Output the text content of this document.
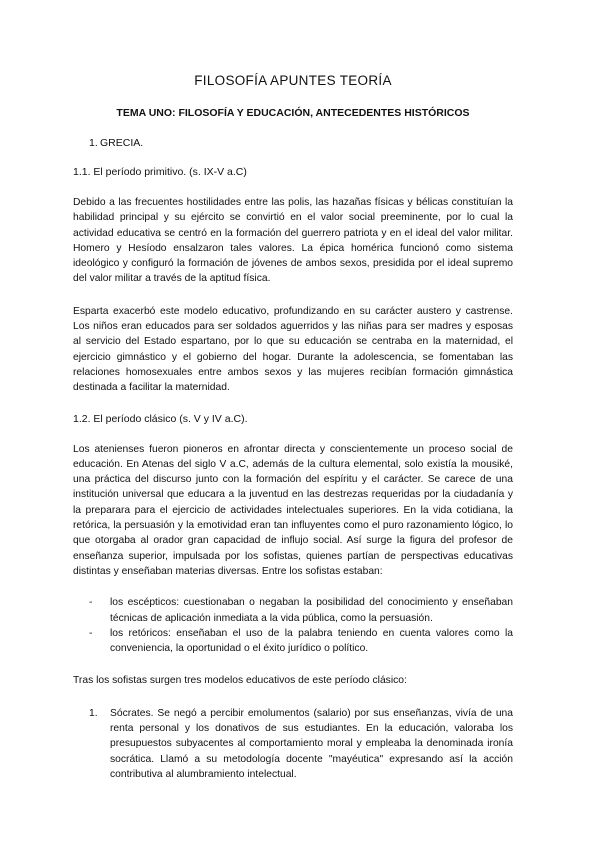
FILOSOFÍA APUNTES TEORÍA
TEMA UNO: FILOSOFÍA Y EDUCACIÓN, ANTECEDENTES HISTÓRICOS
1. GRECIA.
1.1. El período primitivo. (s. IX-V a.C)

Debido a las frecuentes hostilidades entre las polis, las hazañas físicas y bélicas constituían la habilidad principal y su ejército se convirtió en el valor social preeminente, por lo cual la actividad educativa se centró en la formación del guerrero patriota y en el ideal del valor militar. Homero y Hesíodo ensalzaron tales valores. La épica homérica funcionó como sistema ideológico y configuró la formación de jóvenes de ambos sexos, presidida por el ideal supremo del valor militar a través de la aptitud física.

Esparta exacerbó este modelo educativo, profundizando en su carácter austero y castrense. Los niños eran educados para ser soldados aguerridos y las niñas para ser madres y esposas al servicio del Estado espartano, por lo que su educación se centraba en la maternidad, el ejercicio gimnástico y el gobierno del hogar. Durante la adolescencia, se fomentaban las relaciones homosexuales entre ambos sexos y las mujeres recibían formación gimnástica destinada a facilitar la maternidad.

1.2. El período clásico (s. V y IV a.C).

Los atenienses fueron pioneros en afrontar directa y conscientemente un proceso social de educación. En Atenas del siglo V a.C, además de la cultura elemental, solo existía la mousiké, una práctica del discurso junto con la formación del espíritu y el carácter. Se carece de una institución universal que educara a la juventud en las destrezas requeridas por la ciudadanía y la preparara para el ejercicio de actividades intelectuales superiores. En la vida cotidiana, la retórica, la persuasión y la emotividad eran tan influyentes como el puro razonamiento lógico, lo que otorgaba al orador gran capacidad de influjo social. Así surge la figura del profesor de enseñanza superior, impulsada por los sofistas, quienes partían de perspectivas educativas distintas y enseñaban materias diversas. Entre los sofistas estaban:

- los escépticos: cuestionaban o negaban la posibilidad del conocimiento y enseñaban técnicas de aplicación inmediata a la vida pública, como la persuasión.
- los retóricos: enseñaban el uso de la palabra teniendo en cuenta valores como la conveniencia, la oportunidad o el éxito jurídico o político.

Tras los sofistas surgen tres modelos educativos de este período clásico:

1. Sócrates. Se negó a percibir emolumentos (salario) por sus enseñanzas, vivía de una renta personal y los donativos de sus estudiantes. En la educación, valoraba los presupuestos subyacentes al comportamiento moral y empleaba la denominada ironía socrática. Llamó a su metodología docente "mayéutica" expresando así la acción contributiva al alumbramiento intelectual.
